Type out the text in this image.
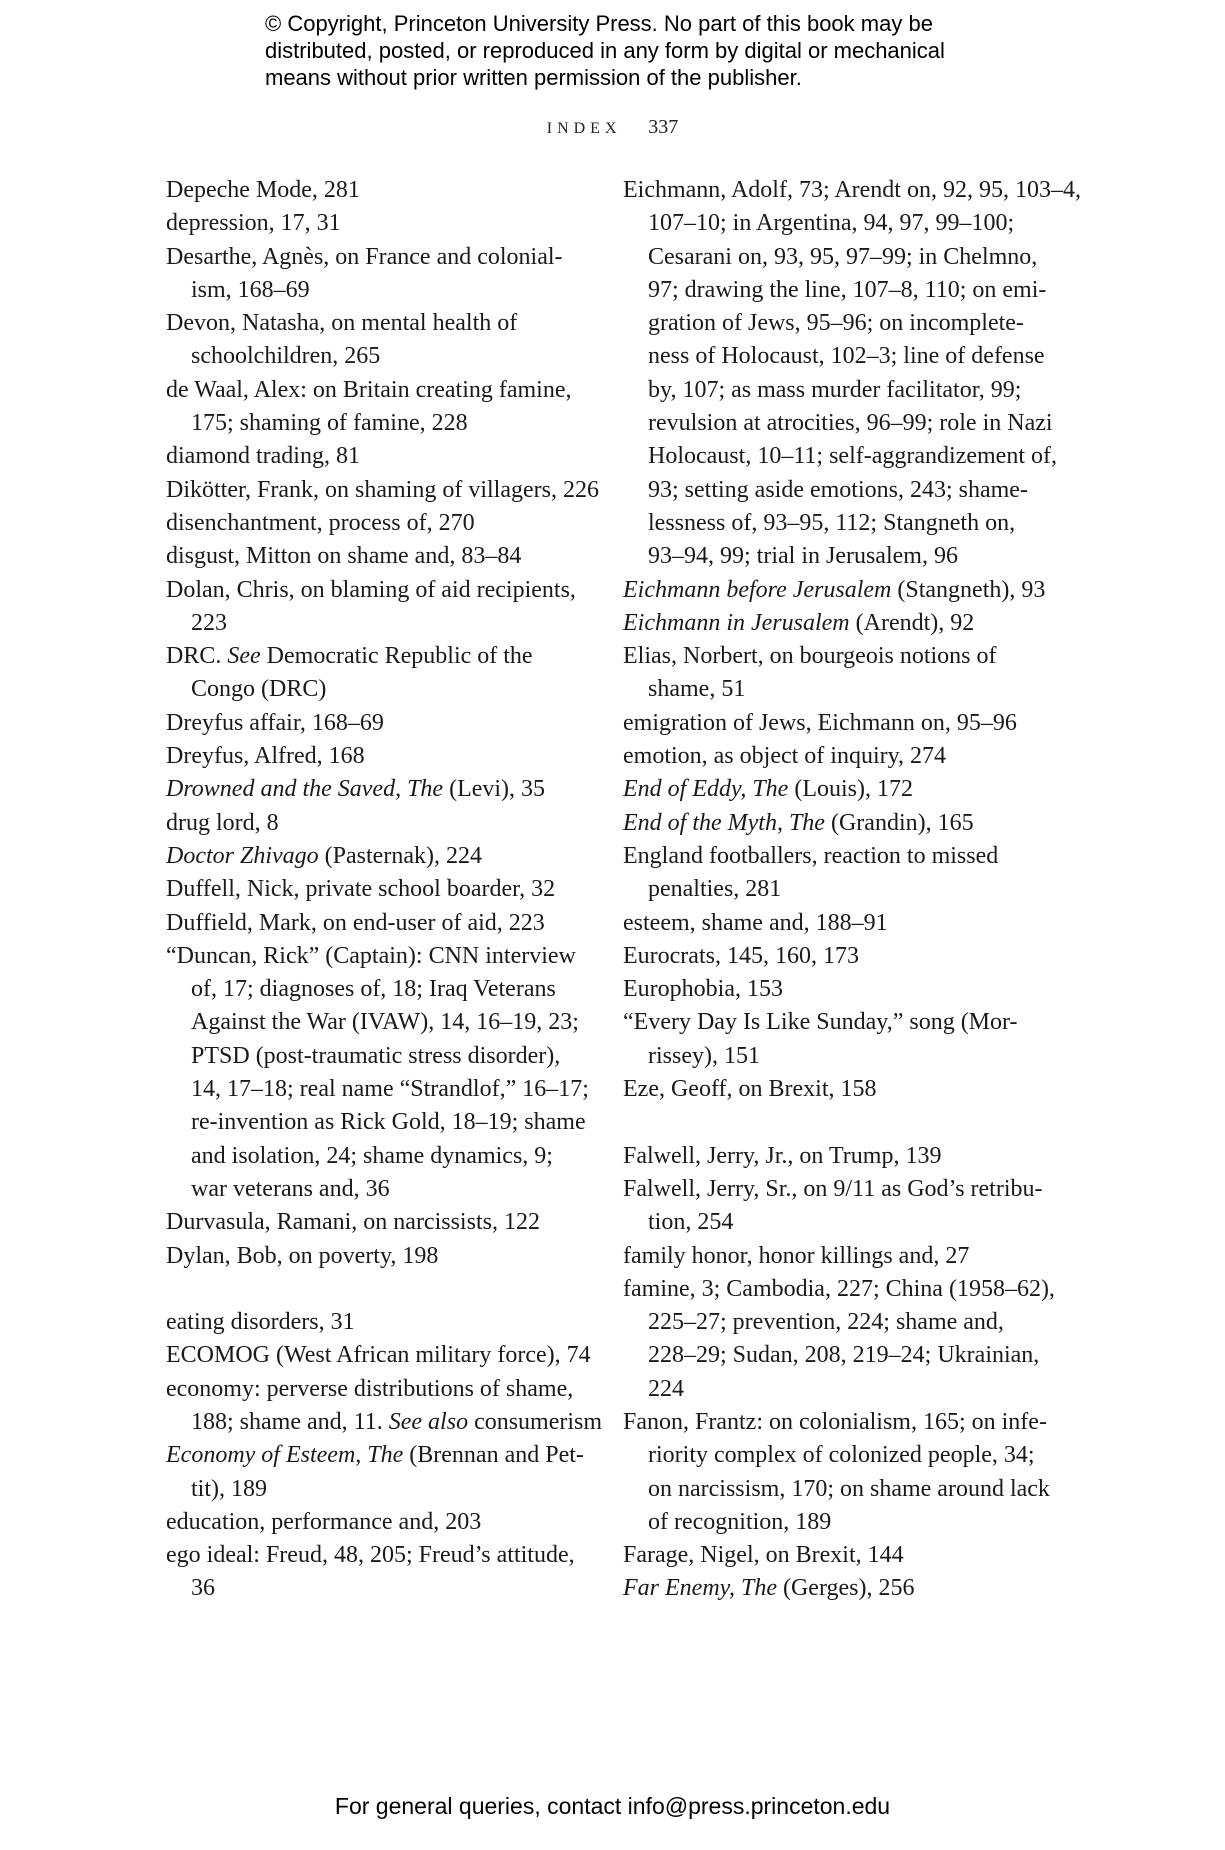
© Copyright, Princeton University Press. No part of this book may be
distributed, posted, or reproduced in any form by digital or mechanical
means without prior written permission of the publisher.
INDEX 337
Depeche Mode, 281
depression, 17, 31
Desarthe, Agnès, on France and colonial-
ism, 168–69
Devon, Natasha, on mental health of
schoolchildren, 265
de Waal, Alex: on Britain creating famine,
175; shaming of famine, 228
diamond trading, 81
Dikötter, Frank, on shaming of villagers, 226
disenchantment, process of, 270
disgust, Mitton on shame and, 83–84
Dolan, Chris, on blaming of aid recipients,
223
DRC. See Democratic Republic of the
Congo (DRC)
Dreyfus affair, 168–69
Dreyfus, Alfred, 168
Drowned and the Saved, The (Levi), 35
drug lord, 8
Doctor Zhivago (Pasternak), 224
Duffell, Nick, private school boarder, 32
Duffield, Mark, on end-user of aid, 223
“Duncan, Rick” (Captain): CNN interview
of, 17; diagnoses of, 18; Iraq Veterans
Against the War (IVAW), 14, 16–19, 23;
PTSD (post-traumatic stress disorder),
14, 17–18; real name “Strandlof,” 16–17;
re-invention as Rick Gold, 18–19; shame
and isolation, 24; shame dynamics, 9;
war veterans and, 36
Durvasula, Ramani, on narcissists, 122
Dylan, Bob, on poverty, 198
eating disorders, 31
ECOMOG (West African military force), 74
economy: perverse distributions of shame,
188; shame and, 11. See also consumerism
Economy of Esteem, The (Brennan and Pet-
tit), 189
education, performance and, 203
ego ideal: Freud, 48, 205; Freud’s attitude,
36
Eichmann, Adolf, 73; Arendt on, 92, 95, 103–4,
107–10; in Argentina, 94, 97, 99–100;
Cesarani on, 93, 95, 97–99; in Chelmno,
97; drawing the line, 107–8, 110; on emi-
gration of Jews, 95–96; on incomplete-
ness of Holocaust, 102–3; line of defense
by, 107; as mass murder facilitator, 99;
revulsion at atrocities, 96–99; role in Nazi
Holocaust, 10–11; self-aggrandizement of,
93; setting aside emotions, 243; shame-
lessness of, 93–95, 112; Stangneth on,
93–94, 99; trial in Jerusalem, 96
Eichmann before Jerusalem (Stangneth), 93
Eichmann in Jerusalem (Arendt), 92
Elias, Norbert, on bourgeois notions of
shame, 51
emigration of Jews, Eichmann on, 95–96
emotion, as object of inquiry, 274
End of Eddy, The (Louis), 172
End of the Myth, The (Grandin), 165
England footballers, reaction to missed
penalties, 281
esteem, shame and, 188–91
Eurocrats, 145, 160, 173
Europhobia, 153
“Every Day Is Like Sunday,” song (Mor-
rissey), 151
Eze, Geoff, on Brexit, 158
Falwell, Jerry, Jr., on Trump, 139
Falwell, Jerry, Sr., on 9/11 as God’s retribu-
tion, 254
family honor, honor killings and, 27
famine, 3; Cambodia, 227; China (1958–62),
225–27; prevention, 224; shame and,
228–29; Sudan, 208, 219–24; Ukrainian,
224
Fanon, Frantz: on colonialism, 165; on infe-
riority complex of colonized people, 34;
on narcissism, 170; on shame around lack
of recognition, 189
Farage, Nigel, on Brexit, 144
Far Enemy, The (Gerges), 256
For general queries, contact info@press.princeton.edu
